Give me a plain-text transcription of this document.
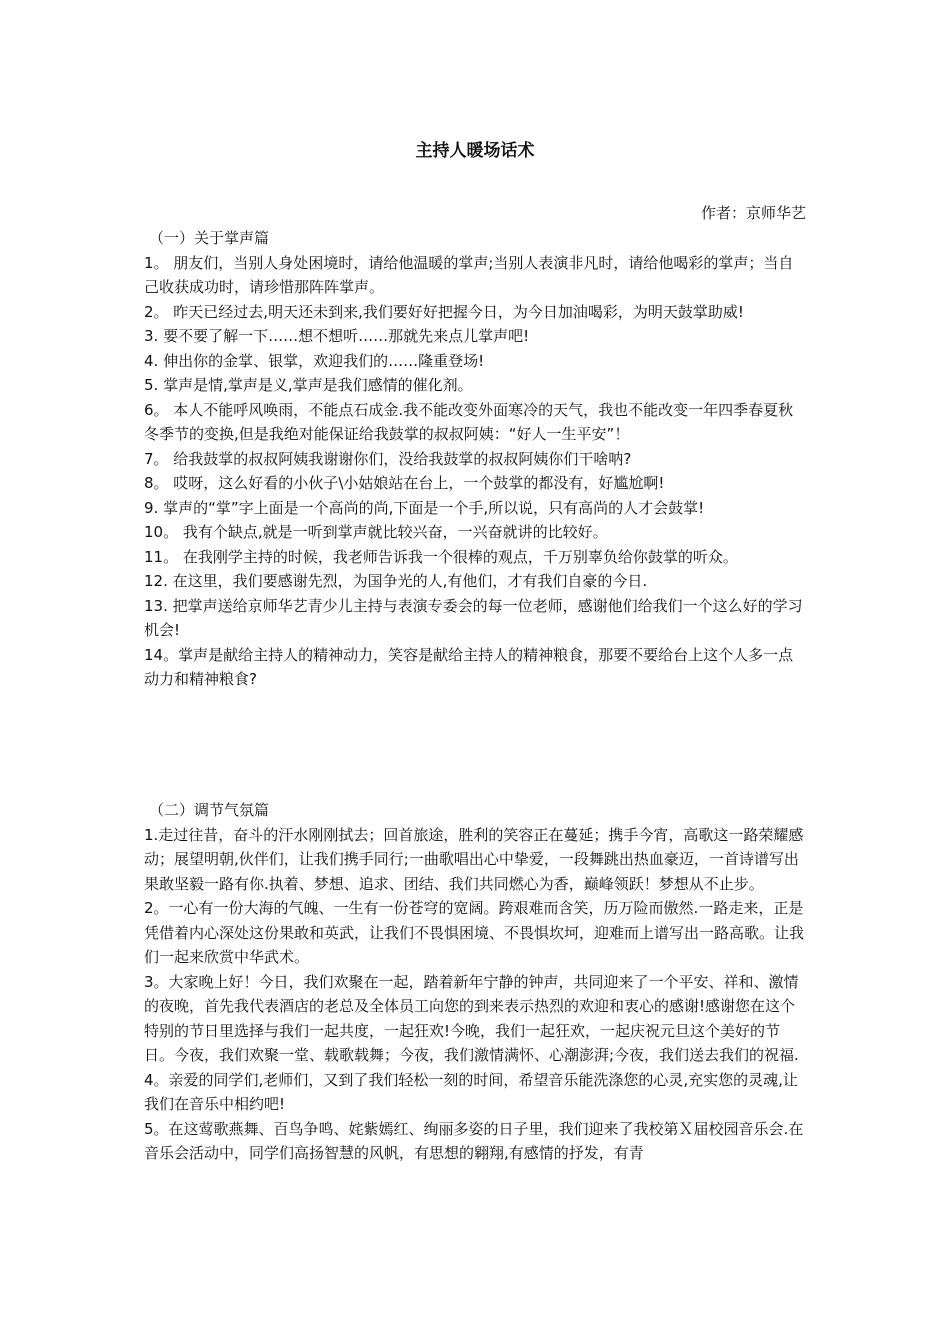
主持人暖场话术
作者：京师华艺
（一）关于掌声篇

1。 朋友们，当别人身处困境时，请给他温暖的掌声;当别人表演非凡时，请给他喝彩的掌声；当自己收获成功时，请珍惜那阵阵掌声。

2。 昨天已经过去,明天还未到来,我们要好好把握今日，为今日加油喝彩，为明天鼓掌助威!

3. 要不要了解一下……想不想听……那就先来点儿掌声吧!

4. 伸出你的金掌、银掌，欢迎我们的……隆重登场!

5. 掌声是情,掌声是义,掌声是我们感情的催化剂。

6。 本人不能呼风唤雨，不能点石成金.我不能改变外面寒冷的天气，我也不能改变一年四季春夏秋冬季节的变换,但是我绝对能保证给我鼓掌的叔叔阿姨：“好人一生平安”！

7。 给我鼓掌的叔叔阿姨我谢谢你们，没给我鼓掌的叔叔阿姨你们干啥呐?

8。 哎呀，这么好看的小伙子\小姑娘站在台上，一个鼓掌的都没有，好尴尬啊!

9. 掌声的“掌”字上面是一个高尚的尚,下面是一个手,所以说，只有高尚的人才会鼓掌!

10。 我有个缺点,就是一听到掌声就比较兴奋，一兴奋就讲的比较好。

11。 在我刚学主持的时候，我老师告诉我一个很棒的观点，千万别辜负给你鼓掌的听众。

12. 在这里，我们要感谢先烈，为国争光的人,有他们，才有我们自豪的今日.

13. 把掌声送给京师华艺青少儿主持与表演专委会的每一位老师，感谢他们给我们一个这么好的学习机会!

14。掌声是献给主持人的精神动力，笑容是献给主持人的精神粮食，那要不要给台上这个人多一点动力和精神粮食?

（二）调节气氛篇

1.走过往昔，奋斗的汗水刚刚拭去；回首旅途，胜利的笑容正在蔓延；携手今宵，高歌这一路荣耀感动；展望明朝,伙伴们，让我们携手同行;一曲歌唱出心中挚爱，一段舞跳出热血豪迈，一首诗谱写出果敢坚毅一路有你.执着、梦想、追求、团结、我们共同燃心为香，巅峰领跃！梦想从不止步。

2。一心有一份大海的气魄、一生有一份苍穹的宽阔。跨艰难而含笑，历万险而傲然.一路走来，正是凭借着内心深处这份果敢和英武，让我们不畏惧困境、不畏惧坎坷，迎难而上谱写出一路高歌。让我们一起来欣赏中华武术。

3。大家晚上好！今日，我们欢聚在一起，踏着新年宁静的钟声，共同迎来了一个平安、祥和、激情的夜晚，首先我代表酒店的老总及全体员工向您的到来表示热烈的欢迎和衷心的感谢!感谢您在这个特别的节日里选择与我们一起共度，一起狂欢!今晚，我们一起狂欢，一起庆祝元旦这个美好的节日。今夜，我们欢聚一堂、载歌载舞；今夜，我们激情满怀、心潮澎湃;今夜，我们送去我们的祝福.

4。亲爱的同学们,老师们，又到了我们轻松一刻的时间，希望音乐能洗涤您的心灵,充实您的灵魂,让我们在音乐中相约吧!

5。在这莺歌燕舞、百鸟争鸣、姹紫嫣红、绚丽多姿的日子里，我们迎来了我校第Ｘ届校园音乐会.在音乐会活动中，同学们高扬智慧的风帆，有思想的翱翔,有感情的抒发，有青
